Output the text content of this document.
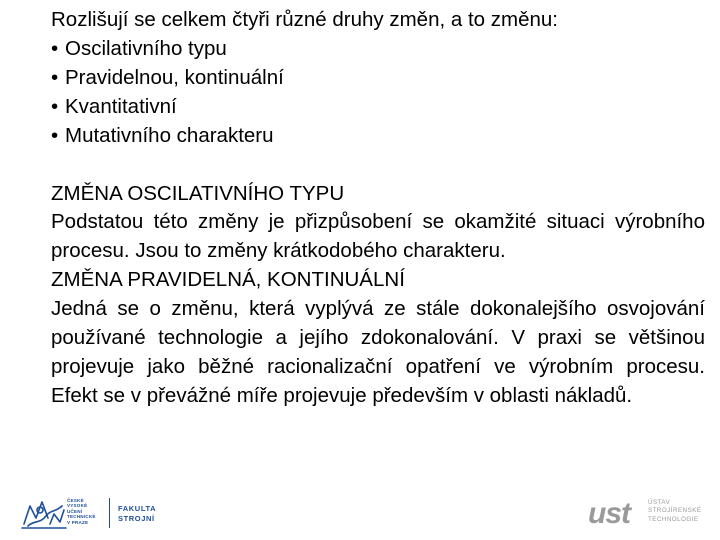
Rozlišují se celkem čtyři různé druhy změn, a to změnu:

• Oscilativního typu
• Pravidelnou, kontinuální
• Kvantitativní
• Mutativního charakteru

ZMĚNA OSCILATIVNÍHO TYPU

Podstatou této změny je přizpůsobení se okamžité situaci výrobního procesu. Jsou to změny krátkodobého charakteru.

ZMĚNA PRAVIDELNÁ, KONTINUÁLNÍ

Jedná se o změnu, která vyplývá ze stále dokonalejšího osvojování používané technologie a jejího zdokonalování. V praxi se většinou projevuje jako běžné racionalizační opatření ve výrobním procesu. Efekt se v převážné míře projevuje především v oblasti nákladů.

ČESKÉ
VYSOKÉ
UČENÍ
TECHNICKÉ
V PRAZE
FAKULTA
STROJNÍ	ust	ÚSTAV
STROJÍRENSKÉ
TECHNOLOGIE
